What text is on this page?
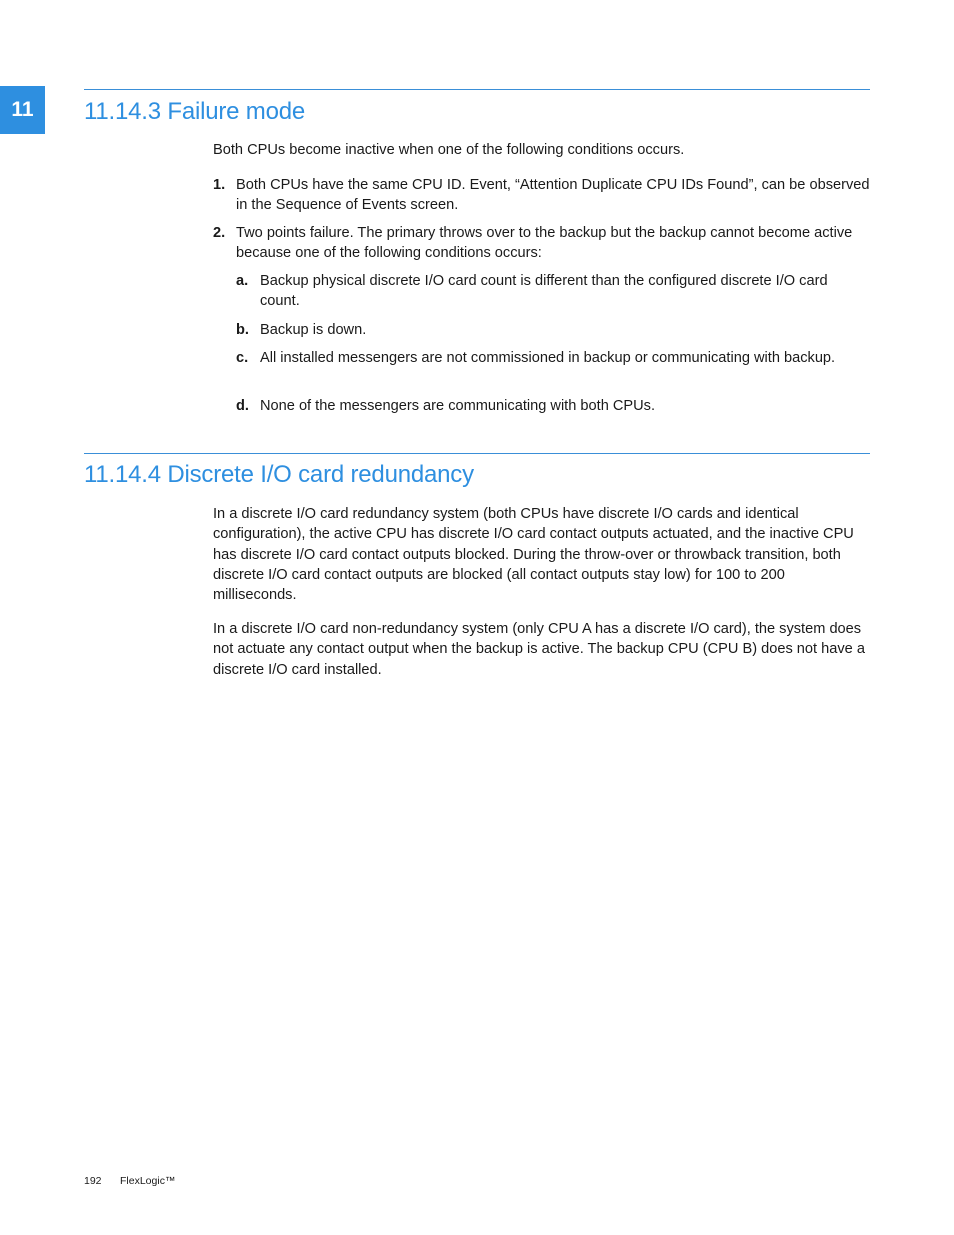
11 11.14.3 Failure mode

Both CPUs become inactive when one of the following conditions occurs.

1. Both CPUs have the same CPU ID. Event, “Attention Duplicate CPU IDs Found”, can be observed in the Sequence of Events screen.
2. Two points failure. The primary throws over to the backup but the backup cannot become active because one of the following conditions occurs:
a. Backup physical discrete I/O card count is different than the configured discrete I/O card count.
b. Backup is down.
c. All installed messengers are not commissioned in backup or communicating with backup.
d. None of the messengers are communicating with both CPUs.
11.14.4 Discrete I/O card redundancy

In a discrete I/O card redundancy system (both CPUs have discrete I/O cards and identical configuration), the active CPU has discrete I/O card contact outputs actuated, and the inactive CPU has discrete I/O card contact outputs blocked. During the throw-over or throwback transition, both discrete I/O card contact outputs are blocked (all contact outputs stay low) for 100 to 200 milliseconds.

In a discrete I/O card non-redundancy system (only CPU A has a discrete I/O card), the system does not actuate any contact output when the backup is active. The backup CPU (CPU B) does not have a discrete I/O card installed.

192 FlexLogic™
